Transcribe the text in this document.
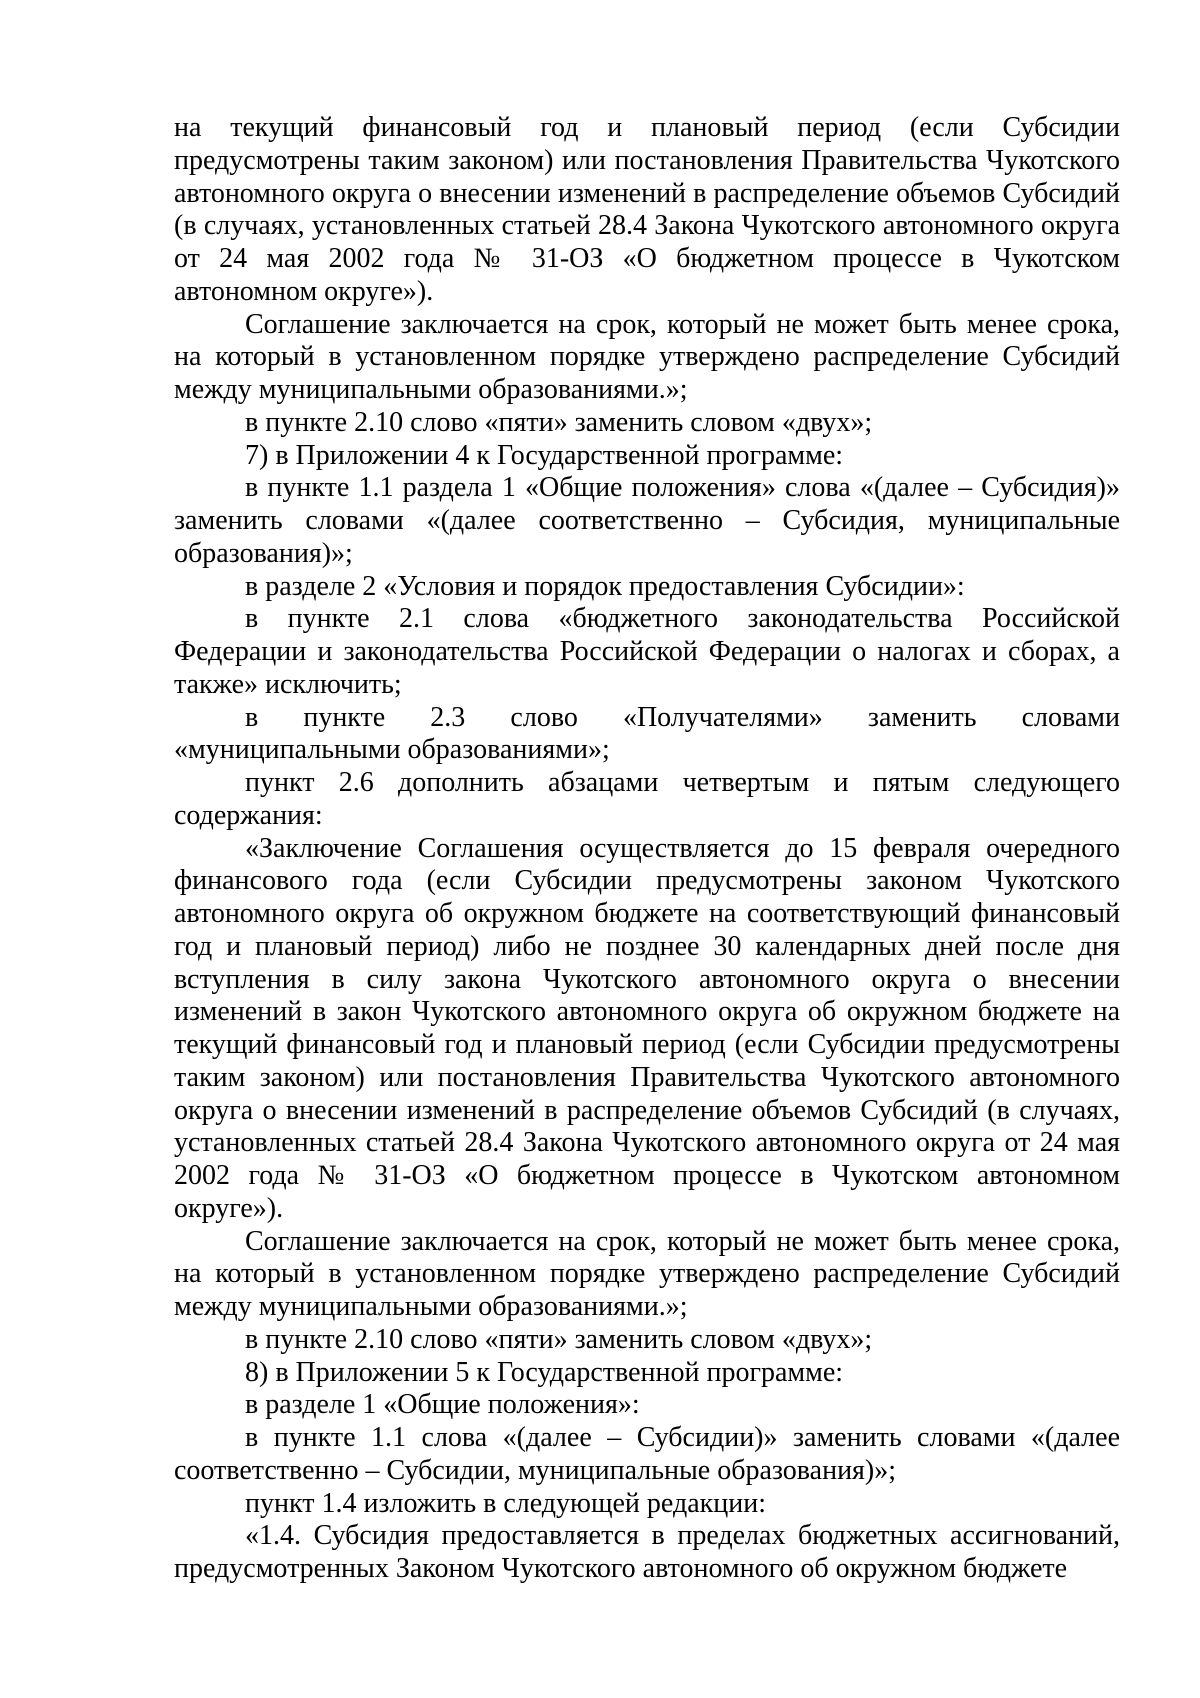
на текущий финансовый год и плановый период (если Субсидии предусмотрены таким законом) или постановления Правительства Чукотского автономного округа о внесении изменений в распределение объемов Субсидий (в случаях, установленных статьей 28.4 Закона Чукотского автономного округа от 24 мая 2002 года № 31-ОЗ «О бюджетном процессе в Чукотском автономном округе»).

Соглашение заключается на срок, который не может быть менее срока, на который в установленном порядке утверждено распределение Субсидий между муниципальными образованиями.»;

в пункте 2.10 слово «пяти» заменить словом «двух»;

7) в Приложении 4 к Государственной программе:

в пункте 1.1 раздела 1 «Общие положения» слова «(далее – Субсидия)» заменить словами «(далее соответственно – Субсидия, муниципальные образования)»;

в разделе 2 «Условия и порядок предоставления Субсидии»:

в пункте 2.1 слова «бюджетного законодательства Российской Федерации и законодательства Российской Федерации о налогах и сборах, а также» исключить;

в пункте 2.3 слово «Получателями» заменить словами «муниципальными образованиями»;

пункт 2.6 дополнить абзацами четвертым и пятым следующего содержания:

«Заключение Соглашения осуществляется до 15 февраля очередного финансового года (если Субсидии предусмотрены законом Чукотского автономного округа об окружном бюджете на соответствующий финансовый год и плановый период) либо не позднее 30 календарных дней после дня вступления в силу закона Чукотского автономного округа о внесении изменений в закон Чукотского автономного округа об окружном бюджете на текущий финансовый год и плановый период (если Субсидии предусмотрены таким законом) или постановления Правительства Чукотского автономного округа о внесении изменений в распределение объемов Субсидий (в случаях, установленных статьей 28.4 Закона Чукотского автономного округа от 24 мая 2002 года № 31-ОЗ «О бюджетном процессе в Чукотском автономном округе»).

Соглашение заключается на срок, который не может быть менее срока, на который в установленном порядке утверждено распределение Субсидий между муниципальными образованиями.»;

в пункте 2.10 слово «пяти» заменить словом «двух»;

8) в Приложении 5 к Государственной программе:

в разделе 1 «Общие положения»:

в пункте 1.1 слова «(далее – Субсидии)» заменить словами «(далее соответственно – Субсидии, муниципальные образования)»;

пункт 1.4 изложить в следующей редакции:

«1.4. Субсидия предоставляется в пределах бюджетных ассигнований, предусмотренных Законом Чукотского автономного об окружном бюджете
